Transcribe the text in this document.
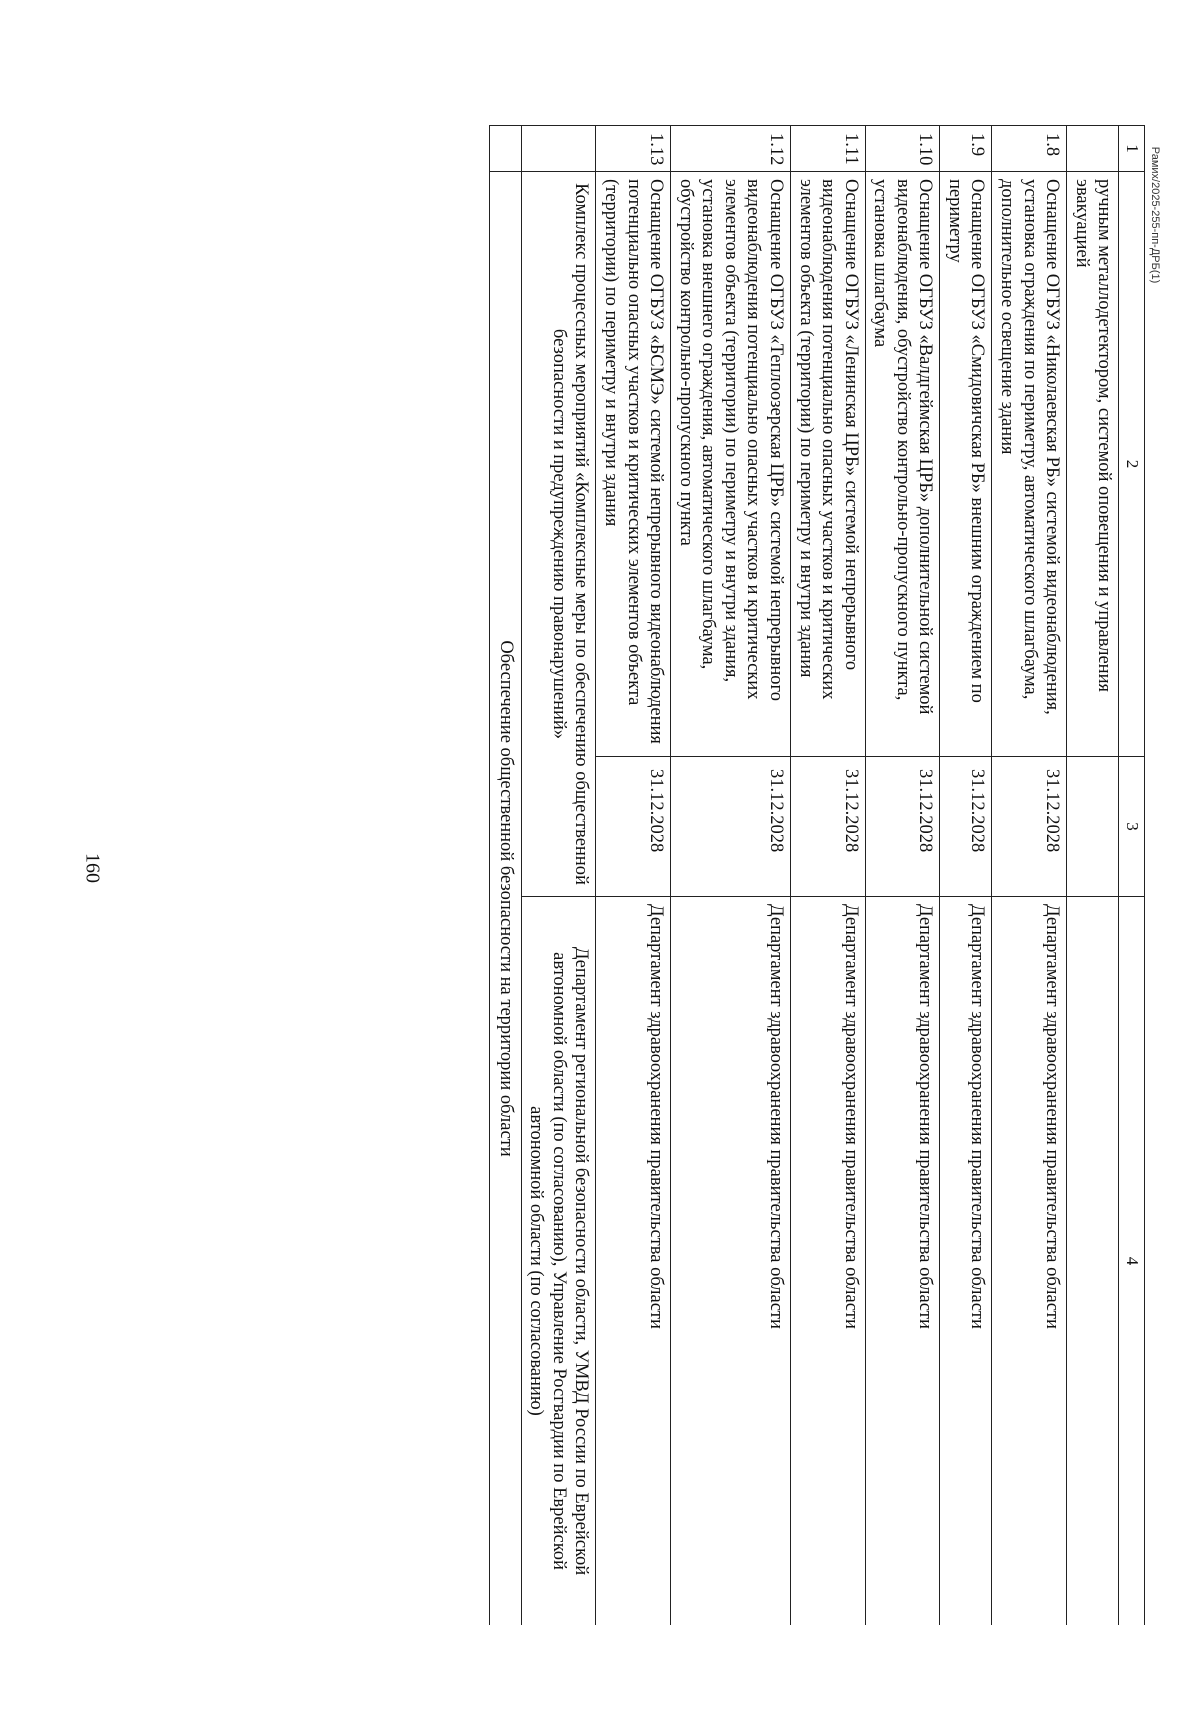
160
Рамих/2025-255-пп-ДРБ(1)
1	2	3	4
	ручным металлодетектором, системой оповещения и управления эвакуацией		
1.8	Оснащение ОГБУЗ «Николаевская РБ» системой видеонаблюдения, установка ограждения по периметру, автоматического шлагбаума, дополнительное освещение здания	31.12.2028	Департамент здравоохранения правительства области
1.9	Оснащение ОГБУЗ «Смидовичская РБ» внешним ограждением по периметру	31.12.2028	Департамент здравоохранения правительства области
1.10	Оснащение ОГБУЗ «Валдгеймская ЦРБ» дополнительной системой видеонаблюдения, обустройство контрольно-пропускного пункта, установка шлагбаума	31.12.2028	Департамент здравоохранения правительства области
1.11	Оснащение ОГБУЗ «Ленинская ЦРБ» системой непрерывного видеонаблюдения потенциально опасных участков и критических элементов объекта (территории) по периметру и внутри здания	31.12.2028	Департамент здравоохранения правительства области
1.12	Оснащение ОГБУЗ «Теплоозерская ЦРБ» системой непрерывного видеонаблюдения потенциально опасных участков и критических элементов объекта (территории) по периметру и внутри здания, установка внешнего ограждения, автоматического шлагбаума, обустройство контрольно-пропускного пункта	31.12.2028	Департамент здравоохранения правительства области
1.13	Оснащение ОГБУЗ «БСМЭ» системой непрерывного видеонаблюдения потенциально опасных участков и критических элементов объекта (территории) по периметру и внутри здания	31.12.2028	Департамент здравоохранения правительства области
	Комплекс процессных мероприятий «Комплексные меры по обеспечению общественной безопасности и предупреждению правонарушений»		Департамент региональной безопасности области, УМВД России по Еврейской автономной области (по согласованию), Управление Росгвардии по Еврейской автономной области (по согласованию)
	Обеспечение общественной безопасности на территории области		
